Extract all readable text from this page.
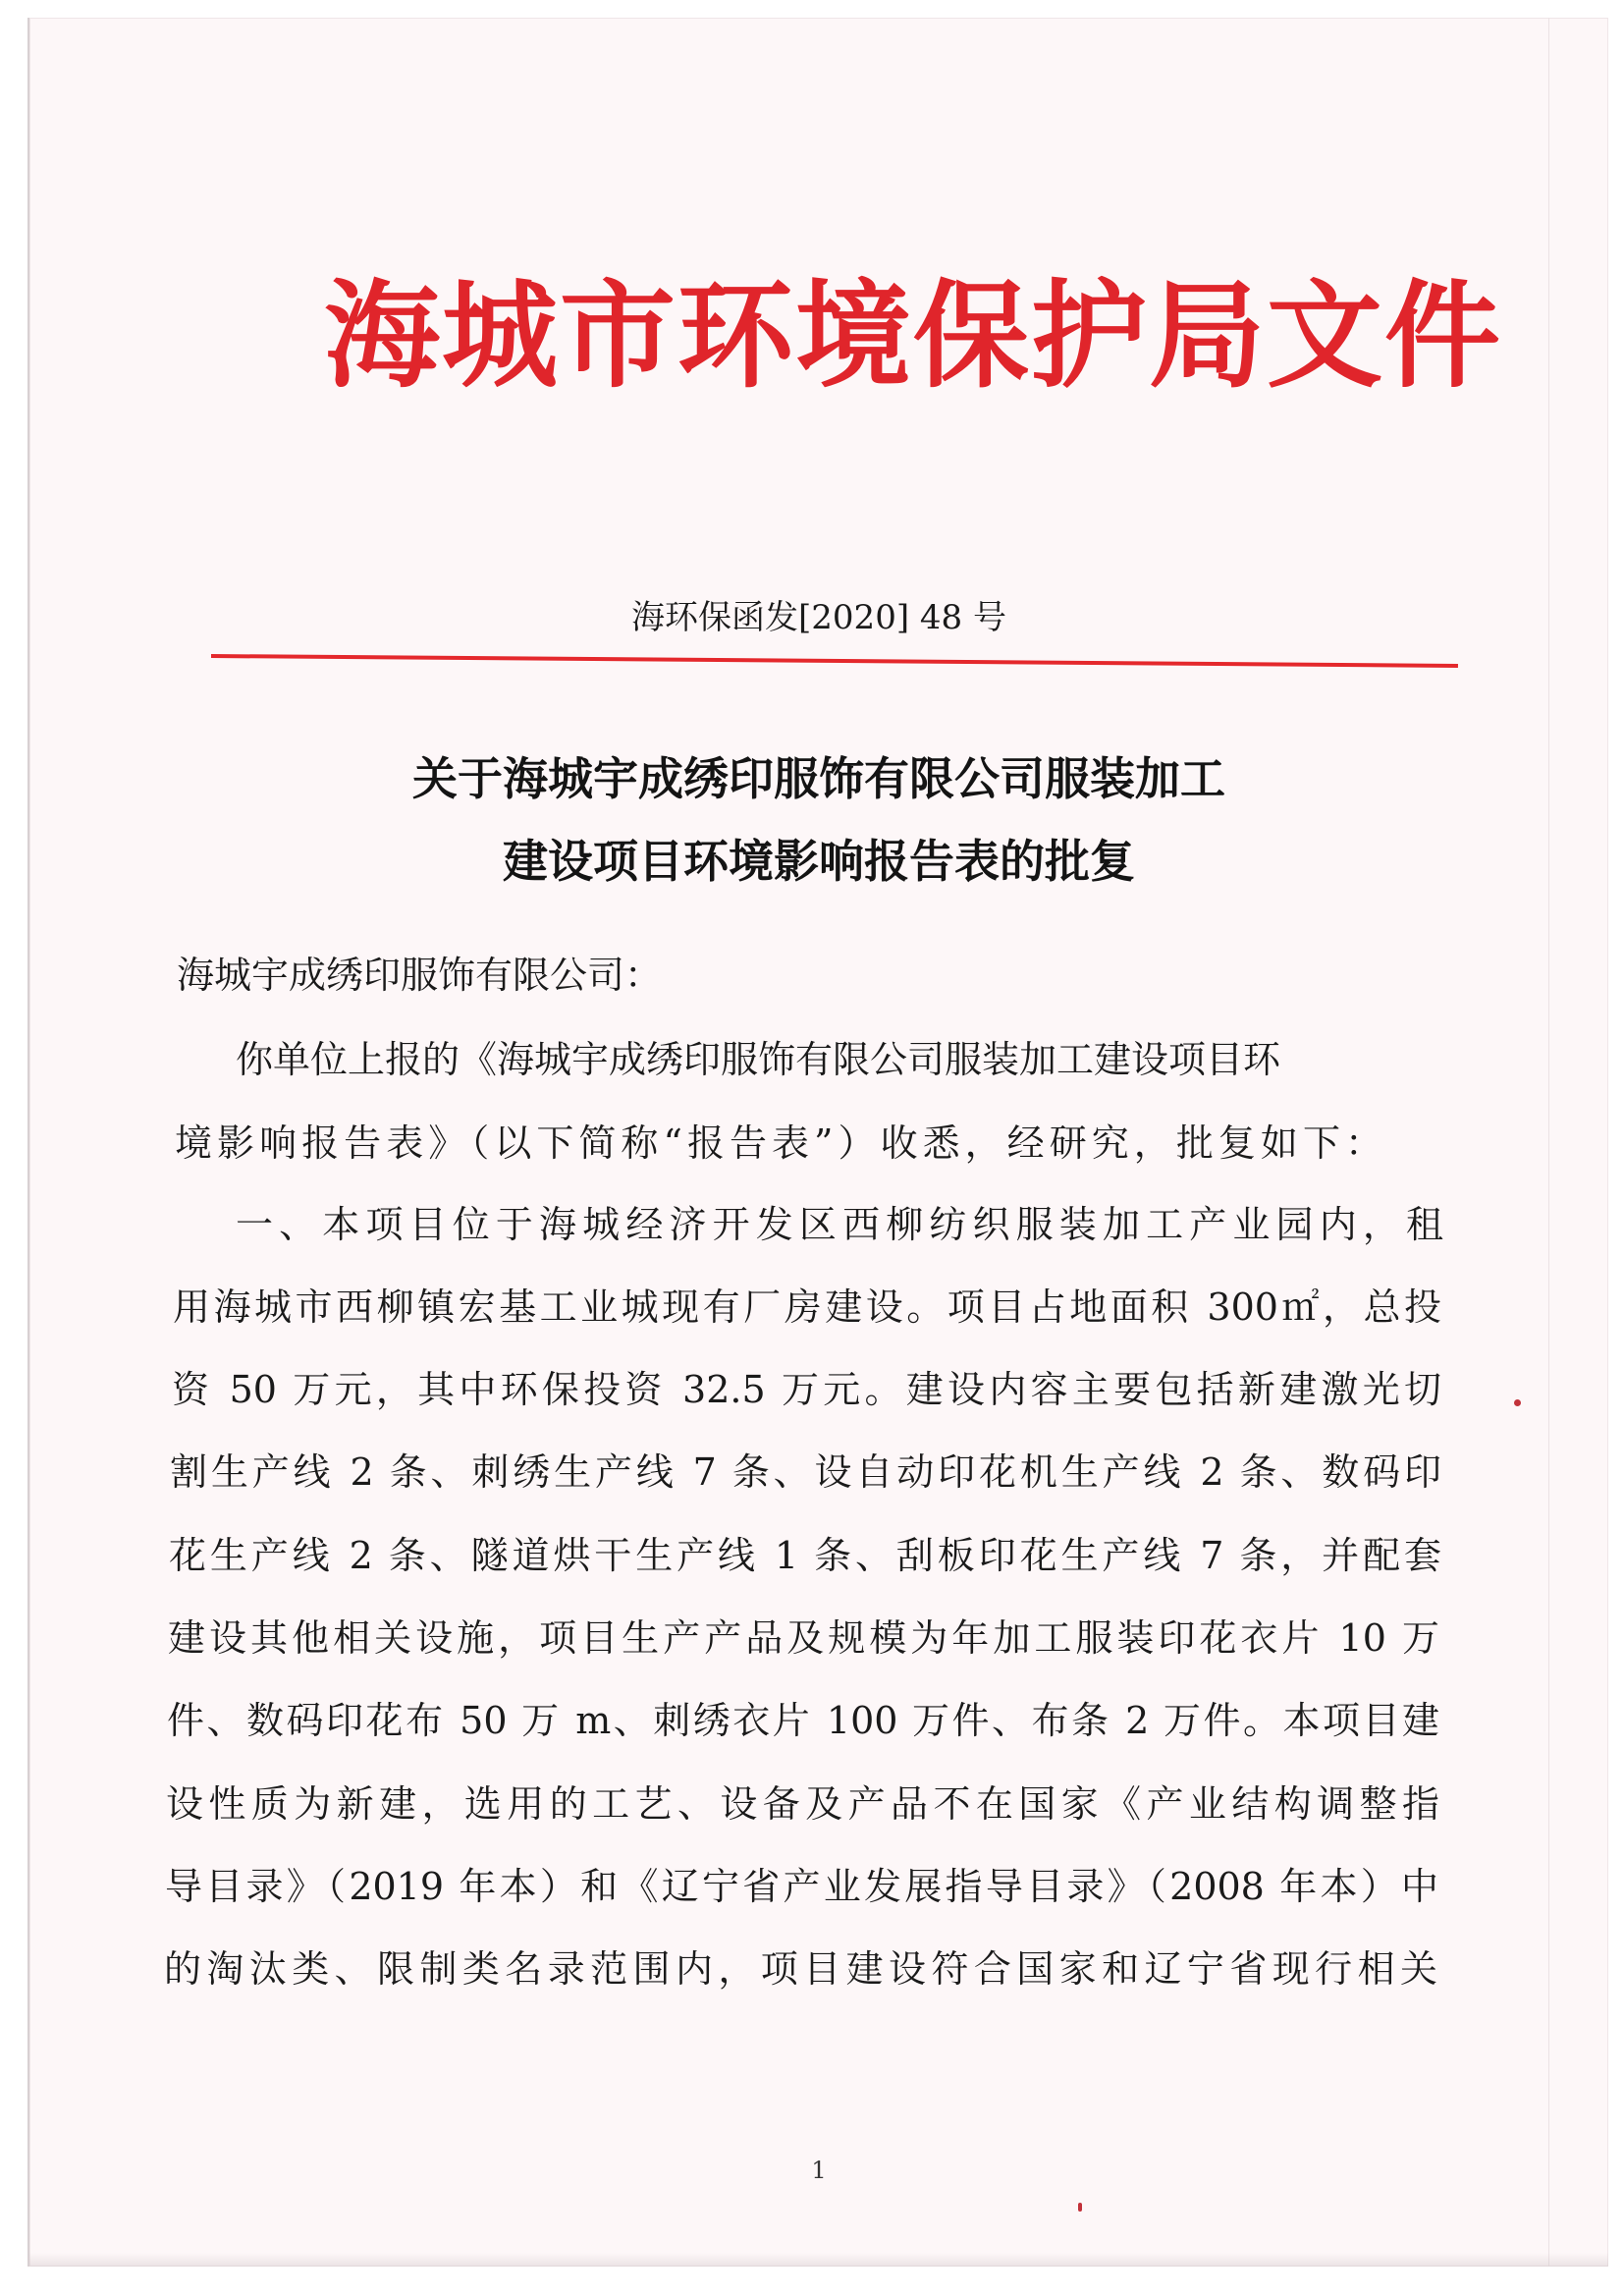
海城市环境保护局文件
海环保函发[2020] 48 号
关于海城宇成绣印服饰有限公司服装加工
建设项目环境影响报告表的批复
海城宇成绣印服饰有限公司：
你单位上报的《海城宇成绣印服饰有限公司服装加工建设项目环
境影响报告表》（以下简称“报告表”）收悉，经研究，批复如下：
一、本项目位于海城经济开发区西柳纺织服装加工产业园内，租
用海城市西柳镇宏基工业城现有厂房建设。项目占地面积 300㎡，总投
资 50 万元，其中环保投资 32.5 万元。建设内容主要包括新建激光切
割生产线 2 条、刺绣生产线 7 条、设自动印花机生产线 2 条、数码印
花生产线 2 条、隧道烘干生产线 1 条、刮板印花生产线 7 条，并配套
建设其他相关设施，项目生产产品及规模为年加工服装印花衣片 10 万
件、数码印花布 50 万 m、刺绣衣片 100 万件、布条 2 万件。本项目建
设性质为新建，选用的工艺、设备及产品不在国家《产业结构调整指
导目录》（2019 年本）和《辽宁省产业发展指导目录》（2008 年本）中
的淘汰类、限制类名录范围内，项目建设符合国家和辽宁省现行相关
1
